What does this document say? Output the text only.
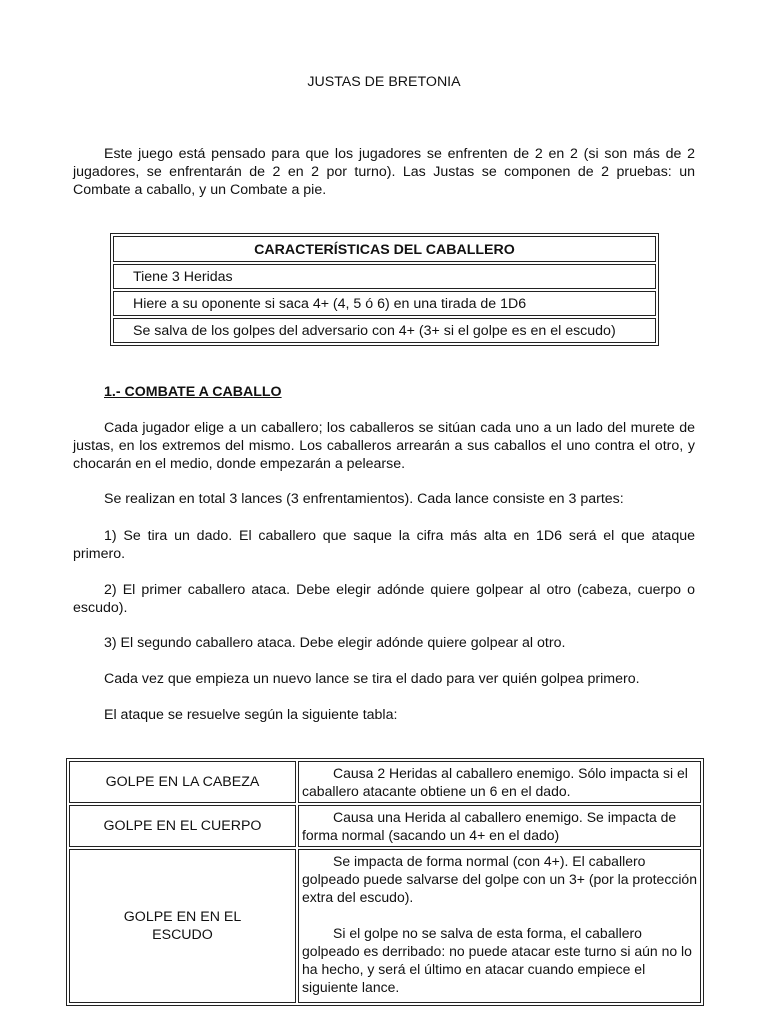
JUSTAS DE BRETONIA

Este juego está pensado para que los jugadores se enfrenten de 2 en 2 (si son más de 2 jugadores, se enfrentarán de 2 en 2 por turno). Las Justas se componen de 2 pruebas: un Combate a caballo, y un Combate a pie.

CARACTERÍSTICAS DEL CABALLERO
Tiene 3 Heridas
Hiere a su oponente si saca 4+ (4, 5 ó 6) en una tirada de 1D6
Se salva de los golpes del adversario con 4+ (3+ si el golpe es en el escudo)
1.- COMBATE A CABALLO

Cada jugador elige a un caballero; los caballeros se sitúan cada uno a un lado del murete de justas, en los extremos del mismo. Los caballeros arrearán a sus caballos el uno contra el otro, y chocarán en el medio, donde empezarán a pelearse.

Se realizan en total 3 lances (3 enfrentamientos). Cada lance consiste en 3 partes:

1) Se tira un dado. El caballero que saque la cifra más alta en 1D6 será el que ataque primero.

2) El primer caballero ataca. Debe elegir adónde quiere golpear al otro (cabeza, cuerpo o escudo).

3) El segundo caballero ataca. Debe elegir adónde quiere golpear al otro.

Cada vez que empieza un nuevo lance se tira el dado para ver quién golpea primero.

El ataque se resuelve según la siguiente tabla:

GOLPE EN LA CABEZA
Causa 2 Heridas al caballero enemigo. Sólo impacta si el caballero atacante obtiene un 6 en el dado.
GOLPE EN EL CUERPO
Causa una Herida al caballero enemigo. Se impacta de forma normal (sacando un 4+ en el dado)
GOLPE EN EN EL ESCUDO
Se impacta de forma normal (con 4+). El caballero golpeado puede salvarse del golpe con un 3+ (por la protección extra del escudo).
Si el golpe no se salva de esta forma, el caballero golpeado es derribado: no puede atacar este turno si aún no lo ha hecho, y será el último en atacar cuando empiece el siguiente lance.
